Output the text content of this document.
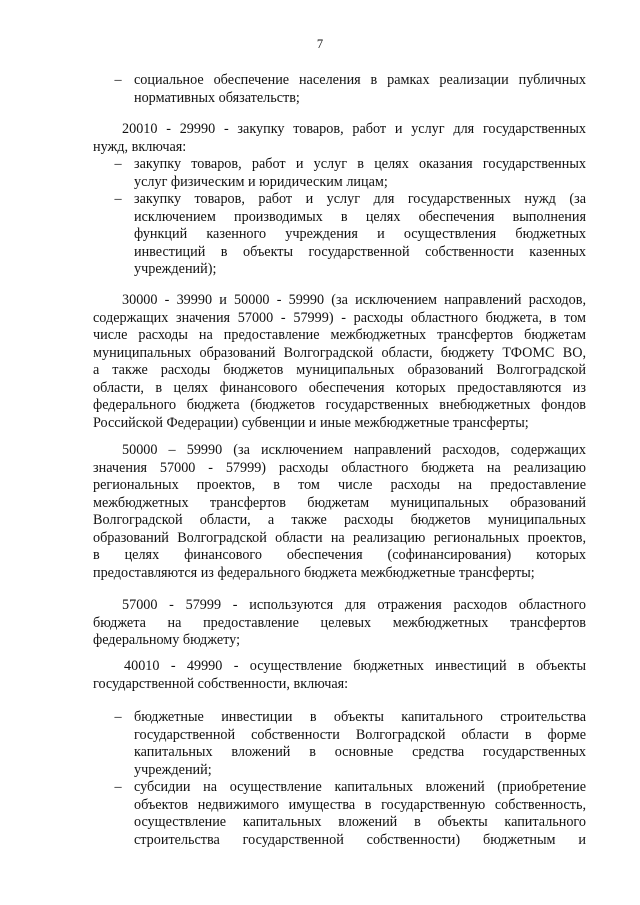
7
– социальное обеспечение населения в рамках реализации публичных
нормативных обязательств;
20010 - 29990 - закупку товаров, работ и услуг для государственных
нужд, включая:
– закупку товаров, работ и услуг в целях оказания государственных
услуг физическим и юридическим лицам;
– закупку товаров, работ и услуг для государственных нужд (за
исключением производимых в целях обеспечения выполнения
функций казенного учреждения и осуществления бюджетных
инвестиций в объекты государственной собственности казенных
учреждений);
30000 - 39990 и 50000 - 59990 (за исключением направлений расходов,
содержащих значения 57000 - 57999) - расходы областного бюджета, в том
числе расходы на предоставление межбюджетных трансфертов бюджетам
муниципальных образований Волгоградской области, бюджету ТФОМС ВО,
а также расходы бюджетов муниципальных образований Волгоградской
области, в целях финансового обеспечения которых предоставляются из
федерального бюджета (бюджетов государственных внебюджетных фондов
Российской Федерации) субвенции и иные межбюджетные трансферты;
50000 – 59990 (за исключением направлений расходов, содержащих
значения 57000 - 57999) расходы областного бюджета на реализацию
региональных проектов, в том числе расходы на предоставление
межбюджетных трансфертов бюджетам муниципальных образований
Волгоградской области, а также расходы бюджетов муниципальных
образований Волгоградской области на реализацию региональных проектов,
в целях финансового обеспечения (софинансирования) которых
предоставляются из федерального бюджета межбюджетные трансферты;
57000 - 57999 - используются для отражения расходов областного
бюджета на предоставление целевых межбюджетных трансфертов
федеральному бюджету;
40010 - 49990 - осуществление бюджетных инвестиций в объекты
государственной собственности, включая:
– бюджетные инвестиции в объекты капитального строительства
государственной собственности Волгоградской области в форме
капитальных вложений в основные средства государственных
учреждений;
– субсидии на осуществление капитальных вложений (приобретение
объектов недвижимого имущества в государственную собственность,
осуществление капитальных вложений в объекты капитального
строительства государственной собственности) бюджетным и
